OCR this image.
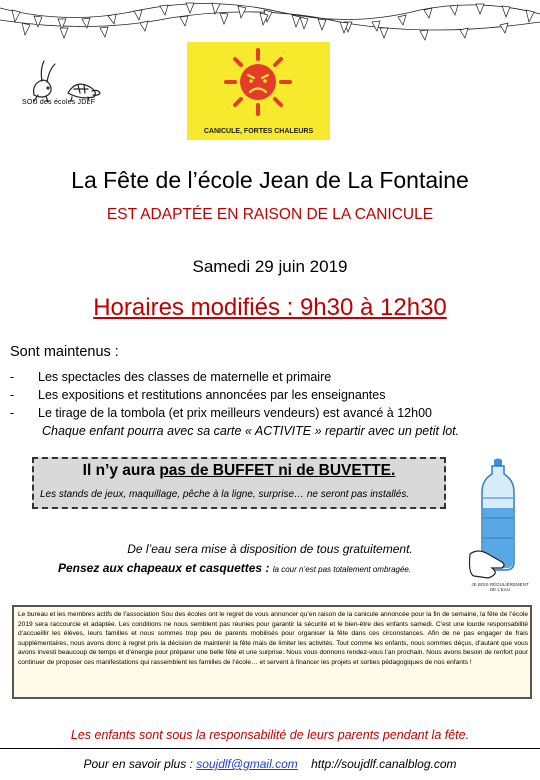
SOU des écoles JDLF
CANICULE, FORTES CHALEURS
La Fête de l’école Jean de La Fontaine
EST ADAPTÉE EN RAISON DE LA CANICULE
Samedi 29 juin 2019
Horaires modifiés : 9h30 à 12h30
Sont maintenus :
- Les spectacles des classes de maternelle et primaire
- Les expositions et restitutions annoncées par les enseignantes
- Le tirage de la tombola (et prix meilleurs vendeurs) est avancé à 12h00
Chaque enfant pourra avec sa carte « ACTIVITE » repartir avec un petit lot.
Il n’y aura pas de BUFFET ni de BUVETTE.
Les stands de jeux, maquillage, pêche à la ligne, surprise… ne seront pas installés.
JE BOIS RÉGULIÈREMENT DE L'EAU
De l’eau sera mise à disposition de tous gratuitement.
Pensez aux chapeaux et casquettes : la cour n’est pas totalement ombragée.
Le bureau et les membres actifs de l’association Sou des écoles ont le regret de vous annoncer qu’en raison de la canicule annoncée pour la fin de semaine, la fête de l’école 2019 sera raccourcie et adaptée. Les conditions ne nous semblent pas réunies pour garantir la sécurité et le bien-être des enfants samedi. C’est une lourde responsabilité d’accueillir les élèves, leurs familles et nous sommes trop peu de parents mobilisés pour organiser la fête dans ces circonstances. Afin de ne pas engager de frais supplémentaires, nous avons donc à regret pris la décision de maintenir la fête mais de limiter les activités. Tout comme les enfants, nous sommes déçus, d’autant que vous avons investi beaucoup de temps et d’énergie pour préparer une belle fête et une surprise. Nous vous donnons rendez-vous l’an prochain. Nous avons besoin de renfort pour continuer de proposer ces manifestations qui rassemblent les familles de l’école… et servent à financer les projets et sorties pédagogiques de nos enfants !
Les enfants sont sous la responsabilité de leurs parents pendant la fête.
Pour en savoir plus : soujdlf@gmail.com http://soujdlf.canalblog.com
